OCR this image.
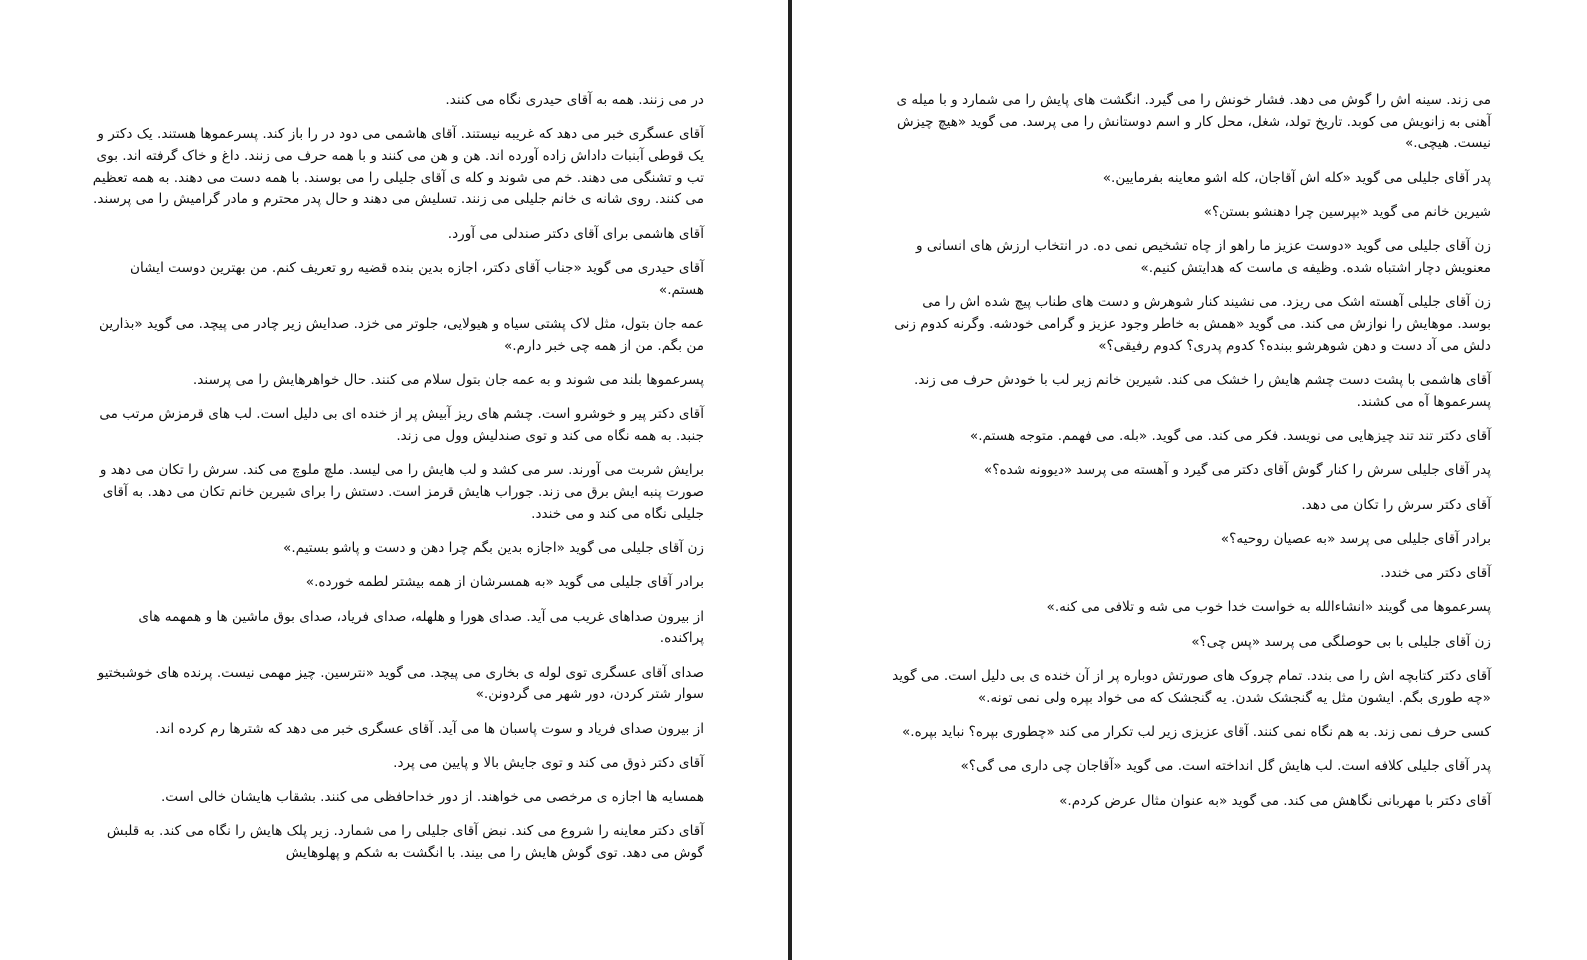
در می زنند. همه به آقای حیدری نگاه می کنند.

آقای عسگری خبر می دهد که غریبه نیستند. آقای هاشمی می دود در را باز کند. پسرعموها هستند. یک دکتر و یک قوطی آبنبات داداش زاده آورده اند. هن و هن می کنند و با همه حرف می زنند. داغ و خاک گرفته اند. بوی تب و تشنگی می دهند. خم می شوند و کله ی آقای جلیلی را می بوسند. با همه دست می دهند. به همه تعظیم می کنند. روی شانه ی خانم جلیلی می زنند. تسلیش می دهند و حال پدر محترم و مادر گرامیش را می پرسند.

آقای هاشمی برای آقای دکتر صندلی می آورد.

آقای حیدری می گوید «جناب آقای دکتر، اجازه بدین بنده قضیه رو تعریف کنم. من بهترین دوست ایشان هستم.»

عمه جان بتول، مثل لاک پشتی سیاه و هیولایی، جلوتر می خزد. صدایش زیر چادر می پیچد. می گوید «بذارین من بگم. من از همه چی خبر دارم.»

پسرعموها بلند می شوند و به عمه جان بتول سلام می کنند. حال خواهرهایش را می پرسند.

آقای دکتر پیر و خوشرو است. چشم های ریز آبیش پر از خنده ای بی دلیل است. لب های قرمزش مرتب می جنبد. به همه نگاه می کند و توی صندلیش وول می زند.

برایش شربت می آورند. سر می کشد و لب هایش را می لیسد. ملچ ملوچ می کند. سرش را تکان می دهد و صورت پنبه ایش برق می زند. جوراب هایش قرمز است. دستش را برای شیرین خانم تکان می دهد. به آقای جلیلی نگاه می کند و می خندد.

زن آقای جلیلی می گوید «اجازه بدین بگم چرا دهن و دست و پاشو بستیم.»

برادر آقای جلیلی می گوید «به همسرشان از همه بیشتر لطمه خورده.»

از بیرون صداهای غریب می آید. صدای هورا و هلهله، صدای فریاد، صدای بوق ماشین ها و همهمه های پراکنده.

صدای آقای عسگری توی لوله ی بخاری می پیچد. می گوید «نترسین. چیز مهمی نیست. پرنده های خوشبختیو سوار شتر کردن، دور شهر می گردونن.»

از بیرون صدای فریاد و سوت پاسبان ها می آید. آقای عسگری خبر می دهد که شترها رم کرده اند.

آقای دکتر ذوق می کند و توی جایش بالا و پایین می پرد.

همسایه ها اجازه ی مرخصی می خواهند. از دور خداحافظی می کنند. بشقاب هایشان خالی است.

آقای دکتر معاینه را شروع می کند. نبض آقای جلیلی را می شمارد. زیر پلک هایش را نگاه می کند. به قلبش گوش می دهد. توی گوش هایش را می بیند. با انگشت به شکم و پهلوهایش

می زند. سینه اش را گوش می دهد. فشار خونش را می گیرد. انگشت های پایش را می شمارد و با میله ی آهنی به زانویش می کوبد. تاریخ تولد، شغل، محل کار و اسم دوستانش را می پرسد. می گوید «هیچ چیزش نیست. هیچی.»

پدر آقای جلیلی می گوید «کله اش آقاجان، کله اشو معاینه بفرمایین.»

شیرین خانم می گوید «بپرسین چرا دهنشو بستن؟»

زن آقای جلیلی می گوید «دوست عزیز ما راهو از چاه تشخیص نمی ده. در انتخاب ارزش های انسانی و معنویش دچار اشتباه شده. وظیفه ی ماست که هدایتش کنیم.»

زن آقای جلیلی آهسته اشک می ریزد. می نشیند کنار شوهرش و دست های طناب پیچ شده اش را می بوسد. موهایش را نوازش می کند. می گوید «همش به خاطر وجود عزیز و گرامی خودشه. وگرنه کدوم زنی دلش می آد دست و دهن شوهرشو ببنده؟ کدوم پدری؟ کدوم رفیقی؟»

آقای هاشمی با پشت دست چشم هایش را خشک می کند. شیرین خانم زیر لب با خودش حرف می زند. پسرعموها آه می کشند.

آقای دکتر تند تند چیزهایی می نویسد. فکر می کند. می گوید. «بله. می فهمم. متوجه هستم.»

پدر آقای جلیلی سرش را کنار گوش آقای دکتر می گیرد و آهسته می پرسد «دیوونه شده؟»

آقای دکتر سرش را تکان می دهد.

برادر آقای جلیلی می پرسد «به عصیان روحیه؟»

آقای دکتر می خندد.

پسرعموها می گویند «انشاءالله به خواست خدا خوب می شه و تلافی می کنه.»

زن آقای جلیلی با بی حوصلگی می پرسد «پس چی؟»

آقای دکتر کتابچه اش را می بندد. تمام چروک های صورتش دوباره پر از آن خنده ی بی دلیل است. می گوید «چه طوری بگم. ایشون مثل یه گنجشک شدن. یه گنجشک که می خواد بپره ولی نمی تونه.»

کسی حرف نمی زند. به هم نگاه نمی کنند. آقای عزیزی زیر لب تکرار می کند «چطوری بپره؟ نباید بپره.»

پدر آقای جلیلی کلافه است. لب هایش گل انداخته است. می گوید «آقاجان چی داری می گی؟»

آقای دکتر با مهربانی نگاهش می کند. می گوید «به عنوان مثال عرض کردم.»
